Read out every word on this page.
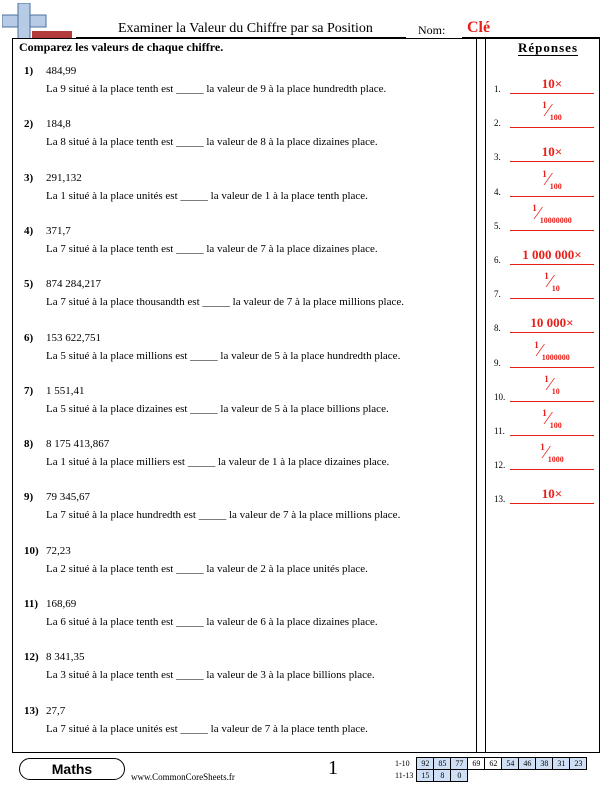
Examiner la Valeur du Chiffre par sa Position	Nom: Clé
Comparez les valeurs de chaque chiffre.
1) 484,99
La 9 situé à la place tenth est _____ la valeur de 9 à la place hundredth place.
2) 184,8
La 8 situé à la place tenth est _____ la valeur de 8 à la place dizaines place.
3) 291,132
La 1 situé à la place unités est _____ la valeur de 1 à la place tenth place.
4) 371,7
La 7 situé à la place tenth est _____ la valeur de 7 à la place dizaines place.
5) 874 284,217
La 7 situé à la place thousandth est _____ la valeur de 7 à la place millions place.
6) 153 622,751
La 5 situé à la place millions est _____ la valeur de 5 à la place hundredth place.
7) 1 551,41
La 5 situé à la place dizaines est _____ la valeur de 5 à la place billions place.
8) 8 175 413,867
La 1 situé à la place milliers est _____ la valeur de 1 à la place dizaines place.
9) 79 345,67
La 7 situé à la place hundredth est _____ la valeur de 7 à la place millions place.
10) 72,23
La 2 situé à la place tenth est _____ la valeur de 2 à la place unités place.
11) 168,69
La 6 situé à la place tenth est _____ la valeur de 6 à la place dizaines place.
12) 8 341,35
La 3 situé à la place tenth est _____ la valeur de 3 à la place billions place.
13) 27,7
La 7 situé à la place unités est _____ la valeur de 7 à la place tenth place.
Réponses
1.	10×
2.
1⁄100
3.	10×
4.
1⁄100
5.
1⁄10000000
6.	1 000 000×
7.
1⁄10
8.	10 000×
9.
1⁄1000000
10.
1⁄10
11.
1⁄100
12.
1⁄1000
13.	10×
Maths	www.CommonCoreSheets.fr	1	1-10	92	85	77	69	62	54	46	38	31	23
11-13	15	8	0							
